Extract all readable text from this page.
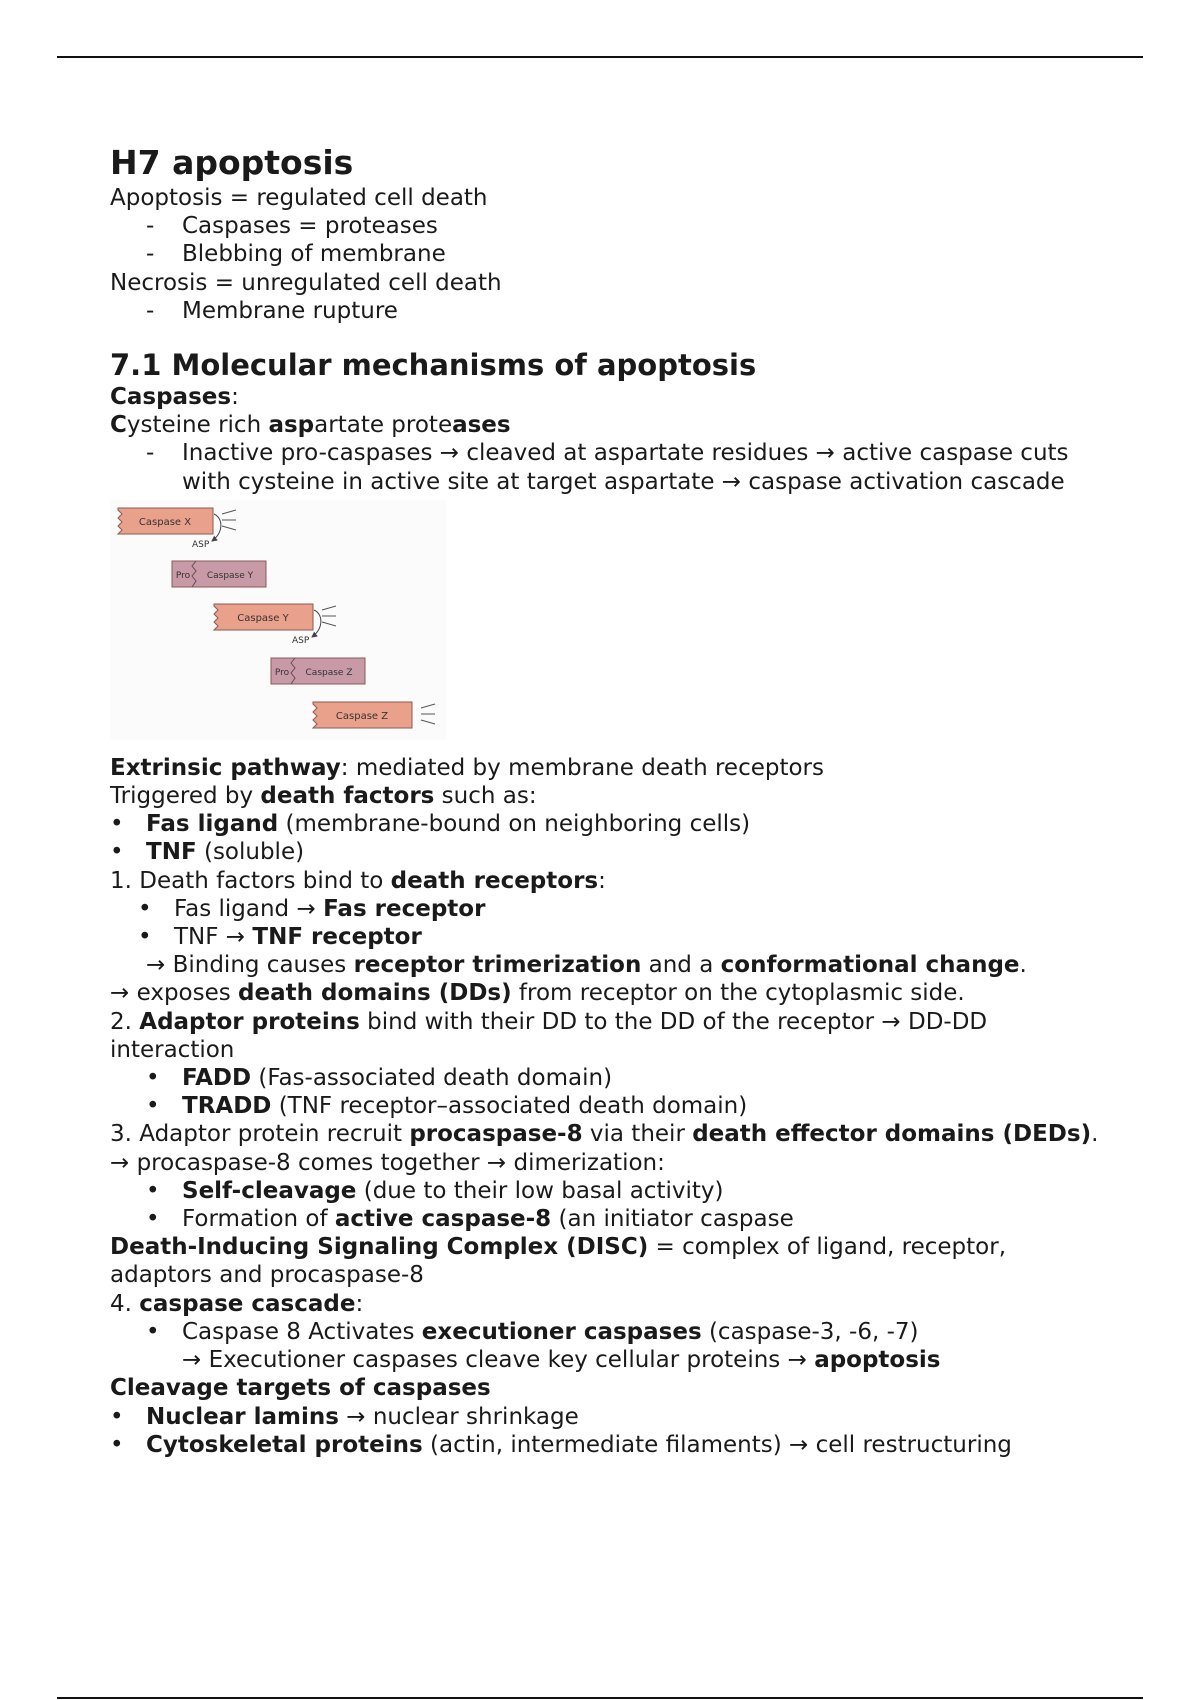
H7 apoptosis

Apoptosis = regulated cell death

- Caspases = proteases

- Blebbing of membrane

Necrosis = unregulated cell death

- Membrane rupture

7.1 Molecular mechanisms of apoptosis

Caspases:

Cysteine rich aspartate proteases

- Inactive pro-caspases → cleaved at aspartate residues → active caspase cuts with cysteine in active site at target aspartate → caspase activation cascade

Caspase X
ASP
Pro Caspase Y
Caspase Y
ASP
Pro Caspase Z
Caspase Z

Extrinsic pathway: mediated by membrane death receptors

Triggered by death factors such as:

• Fas ligand (membrane-bound on neighboring cells)

• TNF (soluble)

1. Death factors bind to death receptors:

• Fas ligand → Fas receptor

• TNF → TNF receptor

→ Binding causes receptor trimerization and a conformational change.

→ exposes death domains (DDs) from receptor on the cytoplasmic side.

2. Adaptor proteins bind with their DD to the DD of the receptor → DD-DD interaction

• FADD (Fas-associated death domain)

• TRADD (TNF receptor–associated death domain)

3. Adaptor protein recruit procaspase-8 via their death effector domains (DEDs).

→ procaspase-8 comes together → dimerization:

• Self-cleavage (due to their low basal activity)

• Formation of active caspase-8 (an initiator caspase

Death-Inducing Signaling Complex (DISC) = complex of ligand, receptor, adaptors and procaspase-8

4. caspase cascade:

• Caspase 8 Activates executioner caspases (caspase-3, -6, -7)

→ Executioner caspases cleave key cellular proteins → apoptosis

Cleavage targets of caspases

• Nuclear lamins → nuclear shrinkage

• Cytoskeletal proteins (actin, intermediate filaments) → cell restructuring
